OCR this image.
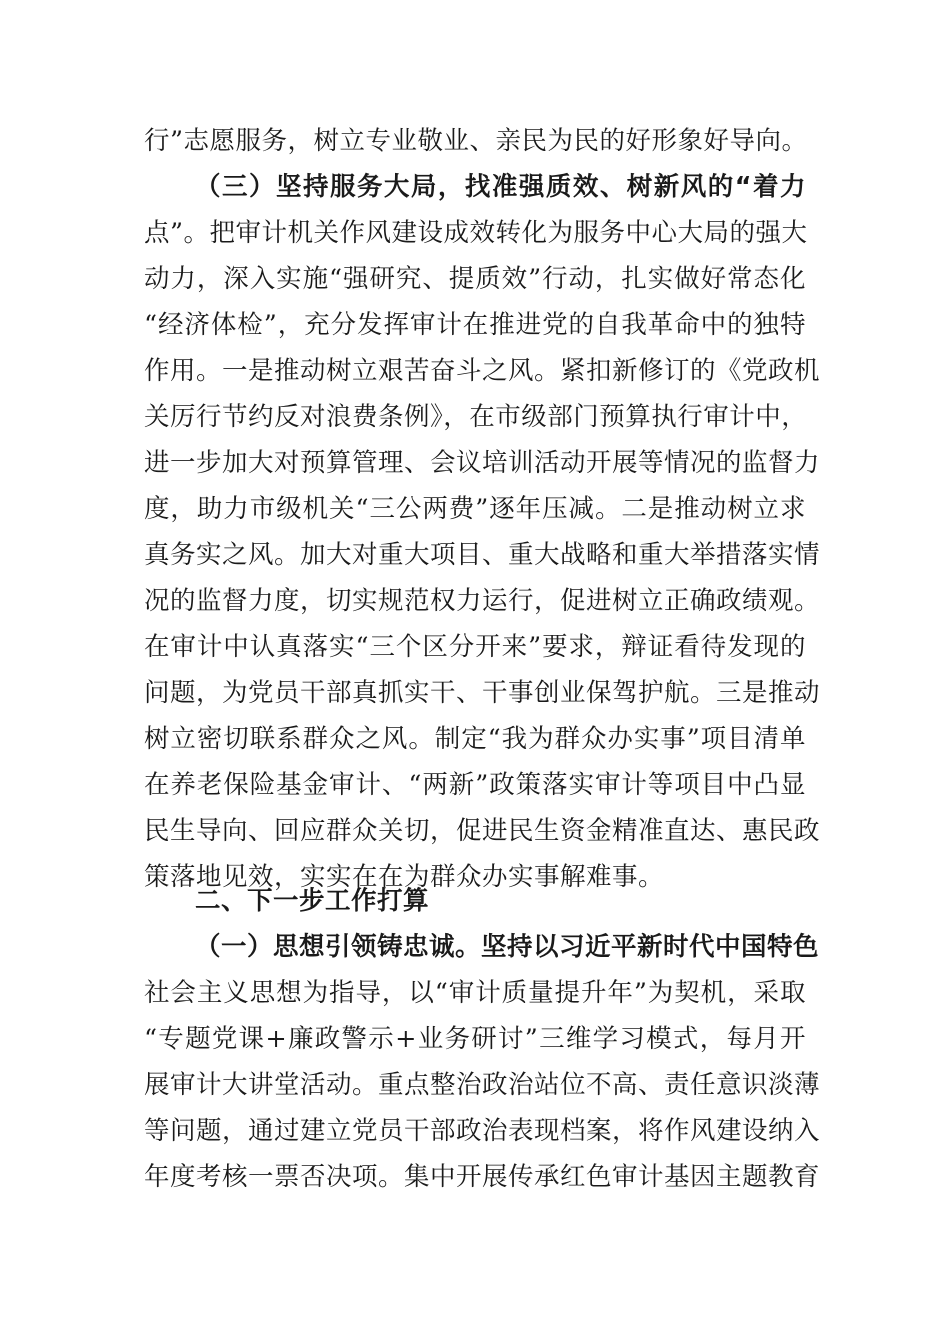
行”志愿服务，树立专业敬业、亲民为民的好形象好导向。
（三）坚持服务大局，找准强质效、树新风的“着力
点”。把审计机关作风建设成效转化为服务中心大局的强大
动力，深入实施“强研究、提质效”行动，扎实做好常态化
“经济体检”，充分发挥审计在推进党的自我革命中的独特
作用。一是推动树立艰苦奋斗之风。紧扣新修订的《党政机
关厉行节约反对浪费条例》，在市级部门预算执行审计中，
进一步加大对预算管理、会议培训活动开展等情况的监督力
度，助力市级机关“三公两费”逐年压减。二是推动树立求
真务实之风。加大对重大项目、重大战略和重大举措落实情
况的监督力度，切实规范权力运行，促进树立正确政绩观。
在审计中认真落实“三个区分开来”要求，辩证看待发现的
问题，为党员干部真抓实干、干事创业保驾护航。三是推动
树立密切联系群众之风。制定“我为群众办实事”项目清单
在养老保险基金审计、“两新”政策落实审计等项目中凸显
民生导向、回应群众关切，促进民生资金精准直达、惠民政
策落地见效，实实在在为群众办实事解难事。
二、下一步工作打算
（一）思想引领铸忠诚。坚持以习近平新时代中国特色
社会主义思想为指导，以“审计质量提升年”为契机，采取
“专题党课+廉政警示+业务研讨”三维学习模式，每月开
展审计大讲堂活动。重点整治政治站位不高、责任意识淡薄
等问题，通过建立党员干部政治表现档案，将作风建设纳入
年度考核一票否决项。集中开展传承红色审计基因主题教育
